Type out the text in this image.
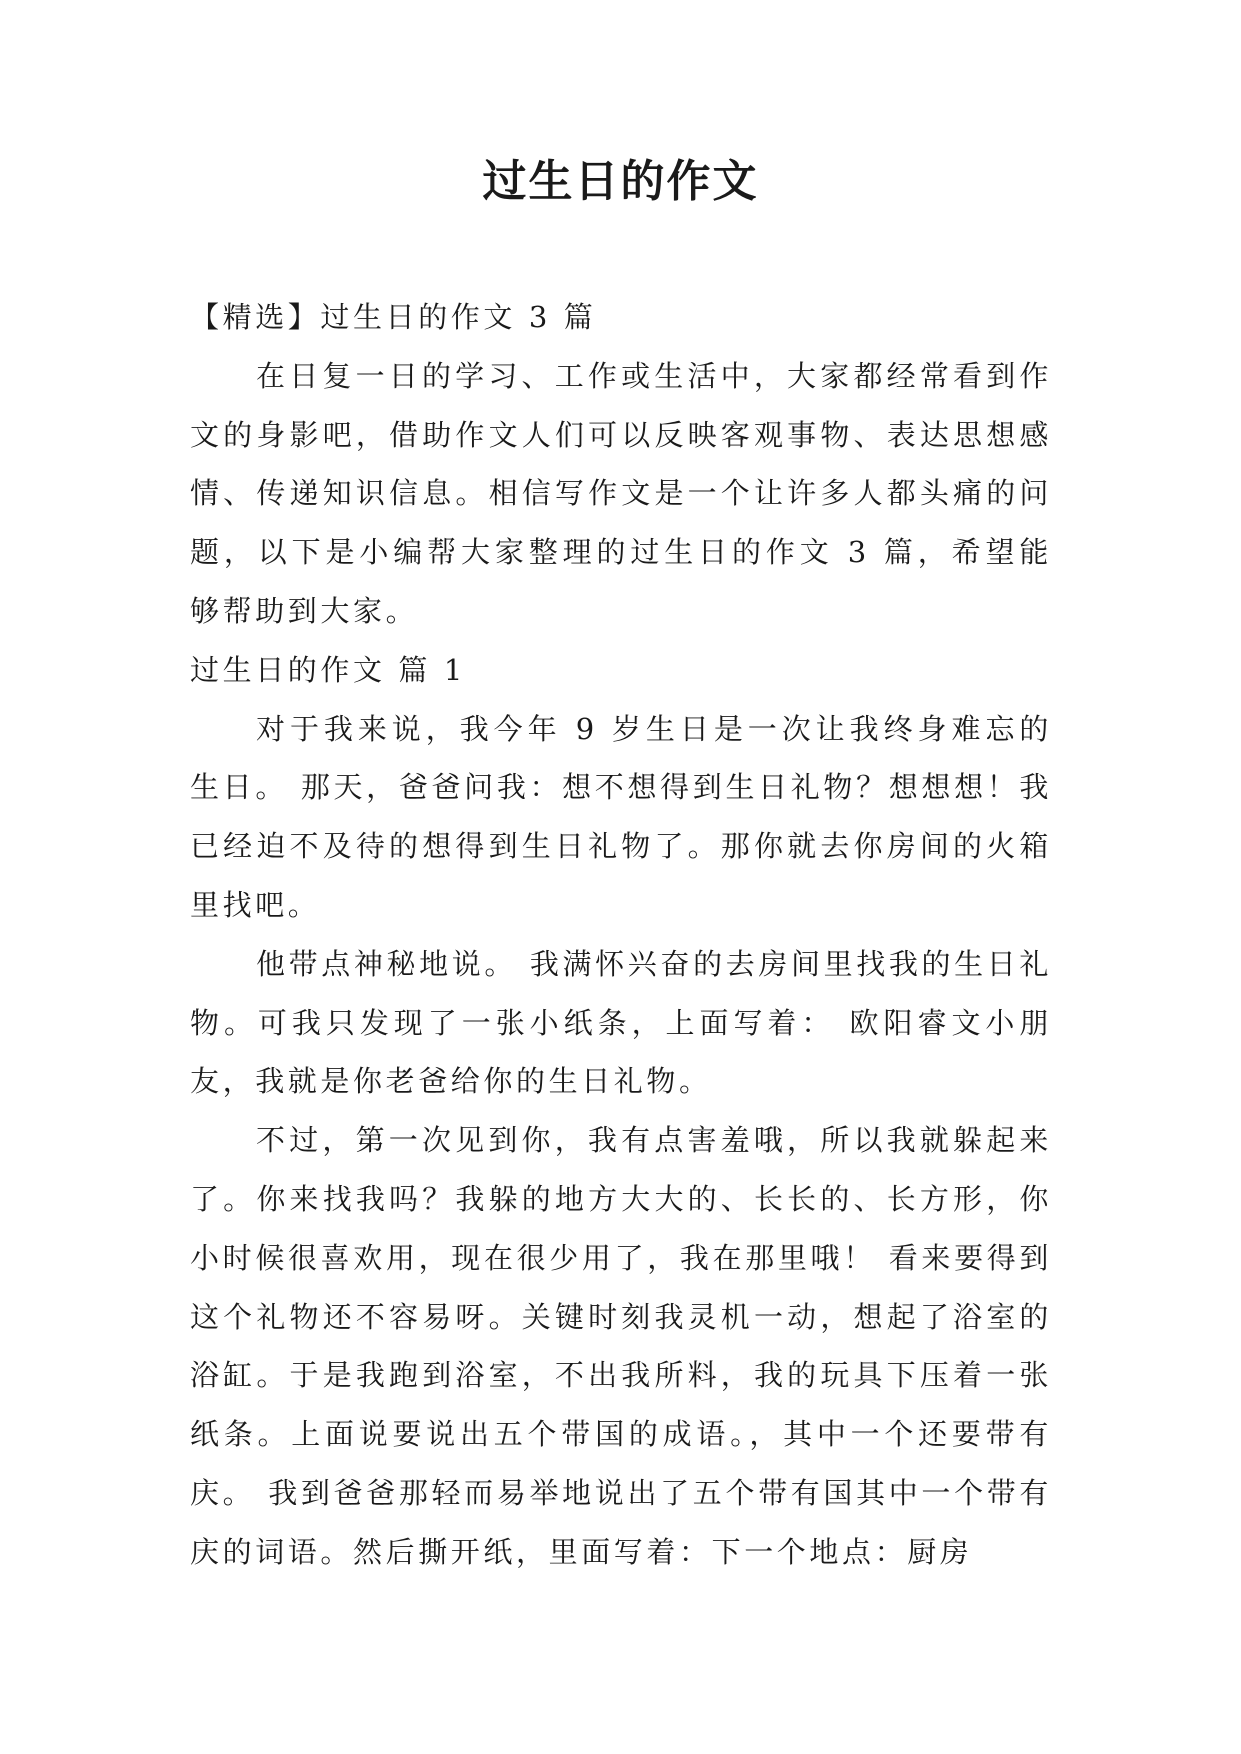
过生日的作文

【精选】过生日的作文 3 篇

在日复一日的学习、工作或生活中，大家都经常看到作文的身影吧，借助作文人们可以反映客观事物、表达思想感情、传递知识信息。相信写作文是一个让许多人都头痛的问题，以下是小编帮大家整理的过生日的作文 3 篇，希望能够帮助到大家。

过生日的作文 篇 1

对于我来说，我今年 9 岁生日是一次让我终身难忘的生日。 那天，爸爸问我：想不想得到生日礼物？想想想！我已经迫不及待的想得到生日礼物了。那你就去你房间的火箱里找吧。

他带点神秘地说。 我满怀兴奋的去房间里找我的生日礼物。可我只发现了一张小纸条，上面写着： 欧阳睿文小朋友，我就是你老爸给你的生日礼物。

不过，第一次见到你，我有点害羞哦，所以我就躲起来了。你来找我吗？我躲的地方大大的、长长的、长方形，你小时候很喜欢用，现在很少用了，我在那里哦！ 看来要得到这个礼物还不容易呀。关键时刻我灵机一动，想起了浴室的浴缸。于是我跑到浴室，不出我所料，我的玩具下压着一张纸条。上面说要说出五个带国的成语。，其中一个还要带有庆。 我到爸爸那轻而易举地说出了五个带有国其中一个带有庆的词语。然后撕开纸，里面写着：下一个地点：厨房
